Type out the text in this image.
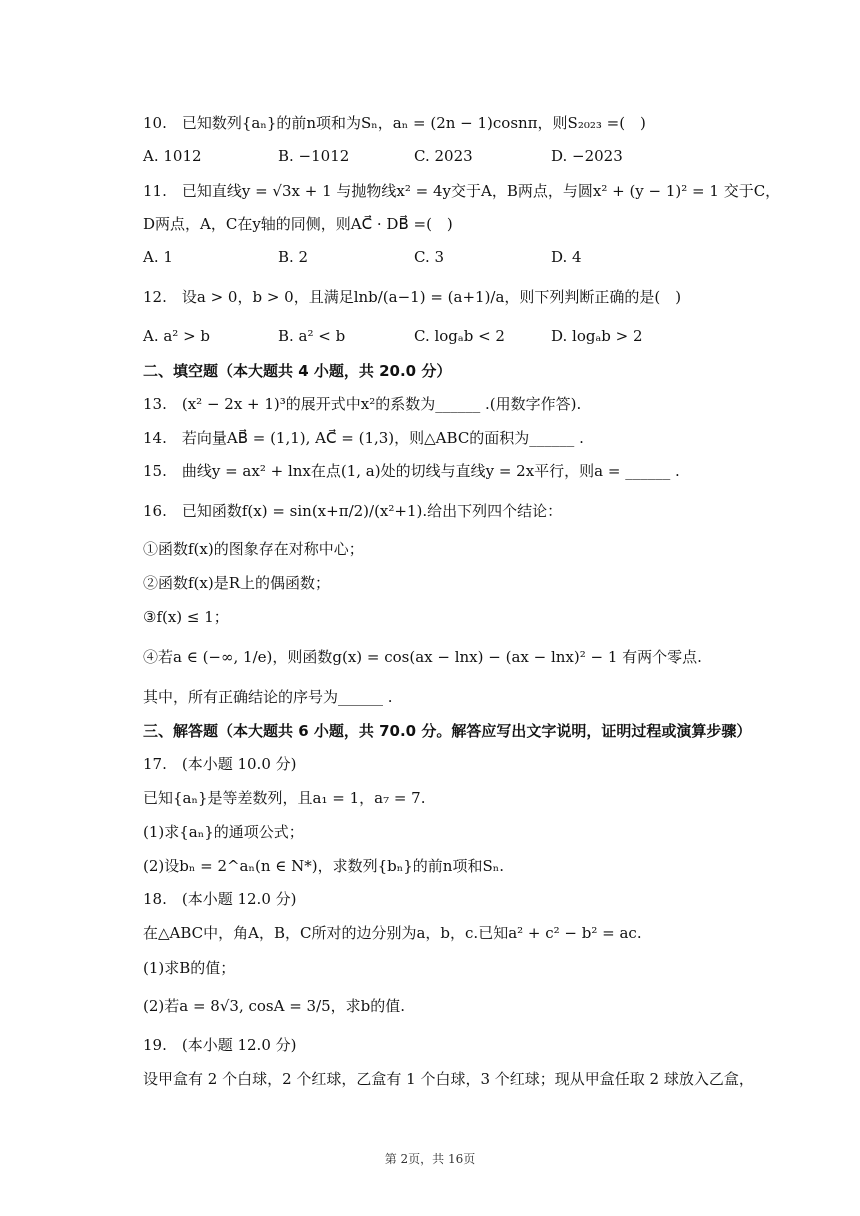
10.　已知数列{aₙ}的前n项和为Sₙ，aₙ = (2n − 1)cosnπ，则S₂₀₂₃ =(　)
A. 1012	B. −1012	C. 2023	D. −2023
11.　已知直线y = √3x + 1 与抛物线x² = 4y交于A，B两点，与圆x² + (y − 1)² = 1 交于C，
D两点，A，C在y轴的同侧，则AC⃗ · DB⃗ =(　)
A. 1	B. 2	C. 3	D. 4
12.　设a > 0，b > 0，且满足lnb/(a−1) = (a+1)/a，则下列判断正确的是(　)
A. a² > b	B. a² < b	C. logₐb < 2	D. logₐb > 2
二、填空题（本大题共 4 小题，共 20.0 分）
13.　(x² − 2x + 1)³的展开式中x²的系数为______ .(用数字作答).
14.　若向量AB⃗ = (1,1), AC⃗ = (1,3)，则△ABC的面积为______ .
15.　曲线y = ax² + lnx在点(1, a)处的切线与直线y = 2x平行，则a = ______ .
16.　已知函数f(x) = sin(x+π/2)/(x²+1).给出下列四个结论：
①函数f(x)的图象存在对称中心；
②函数f(x)是R上的偶函数；
③f(x) ≤ 1；
④若a ∈ (−∞, 1/e)，则函数g(x) = cos(ax − lnx) − (ax − lnx)² − 1 有两个零点.
其中，所有正确结论的序号为______ .
三、解答题（本大题共 6 小题，共 70.0 分。解答应写出文字说明，证明过程或演算步骤）
17.　(本小题 10.0 分)
已知{aₙ}是等差数列，且a₁ = 1，a₇ = 7.
(1)求{aₙ}的通项公式；
(2)设bₙ = 2^aₙ(n ∈ N*)，求数列{bₙ}的前n项和Sₙ.
18.　(本小题 12.0 分)
在△ABC中，角A，B，C所对的边分别为a，b，c.已知a² + c² − b² = ac.
(1)求B的值；
(2)若a = 8√3, cosA = 3/5，求b的值.
19.　(本小题 12.0 分)
设甲盒有 2 个白球，2 个红球，乙盒有 1 个白球，3 个红球；现从甲盒任取 2 球放入乙盒，
第 2页，共 16页
